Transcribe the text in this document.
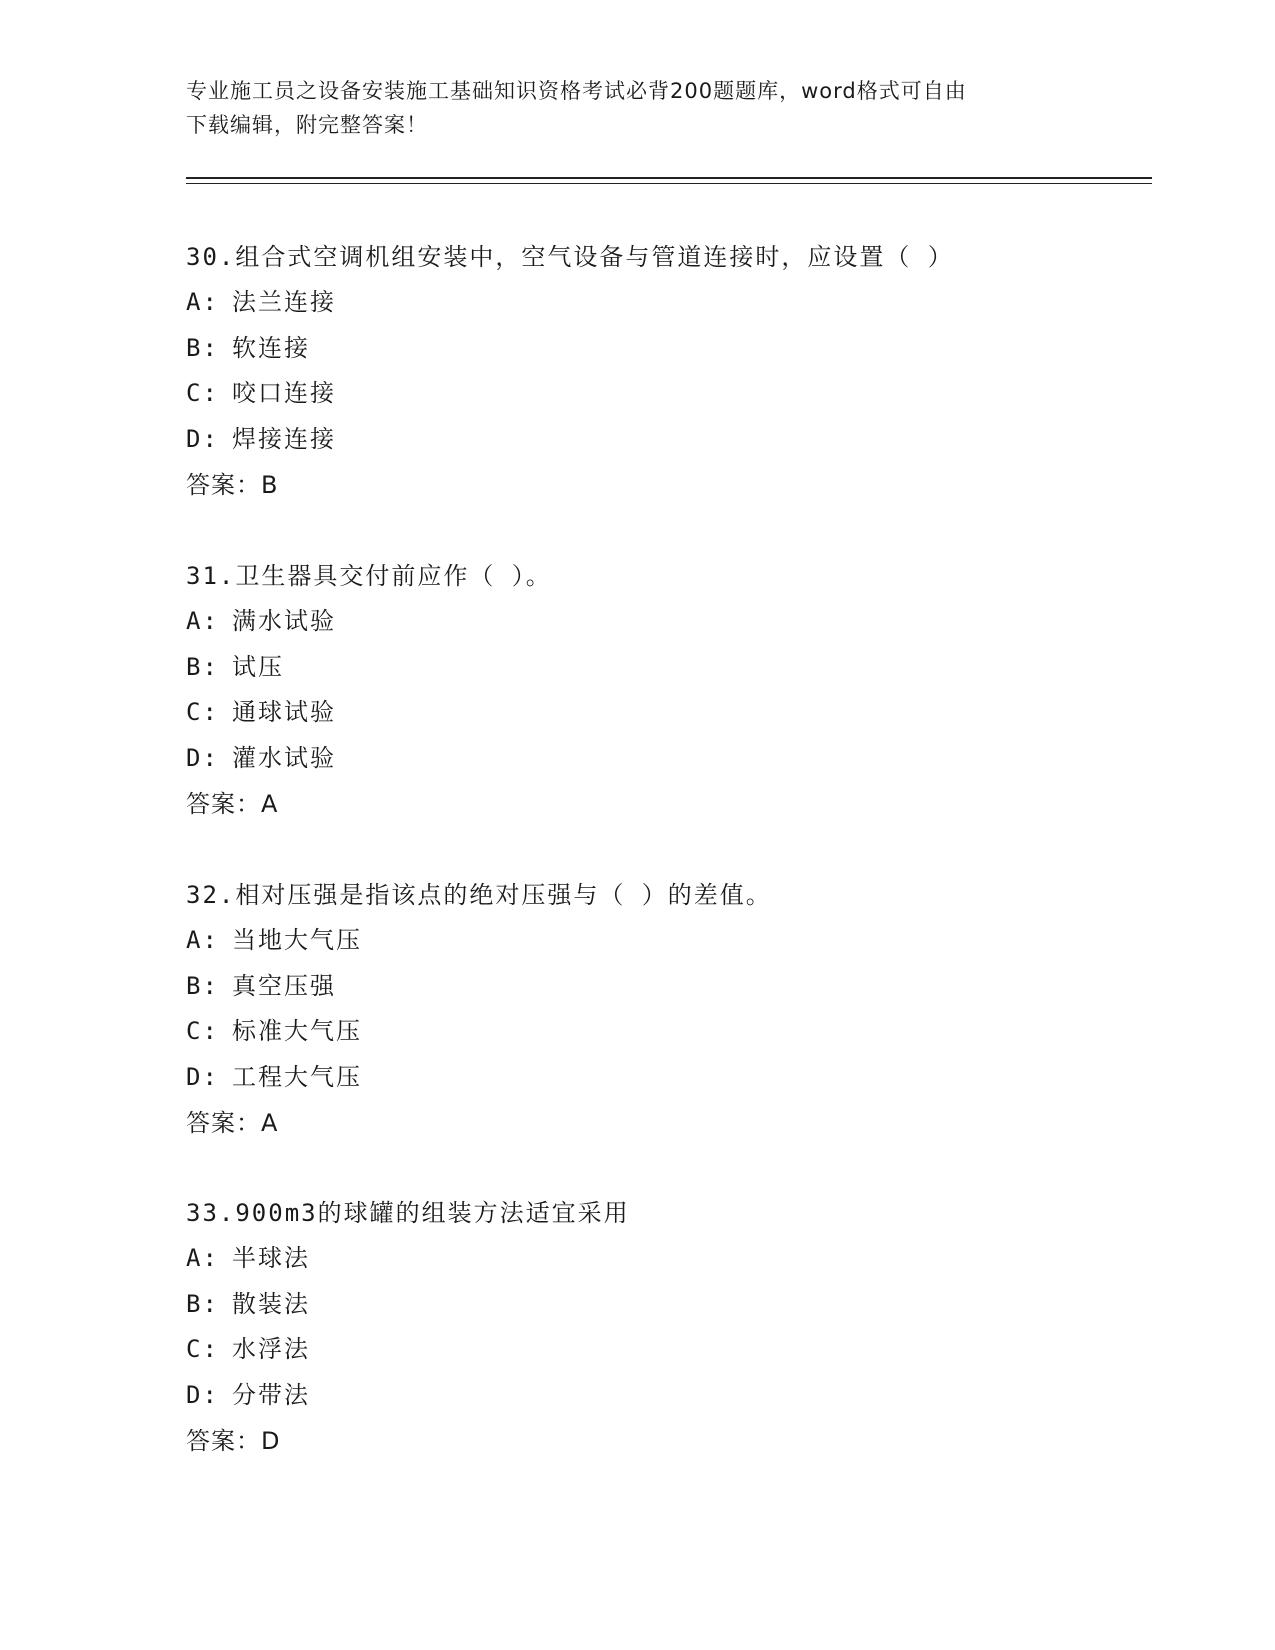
专业施工员之设备安装施工基础知识资格考试必背200题题库，word格式可自由
下载编辑，附完整答案！
30.组合式空调机组安装中，空气设备与管道连接时，应设置（ ）
A: 法兰连接
B: 软连接
C: 咬口连接
D: 焊接连接
答案：B
31.卫生器具交付前应作（ ）。
A: 满水试验
B: 试压
C: 通球试验
D: 灌水试验
答案：A
32.相对压强是指该点的绝对压强与（ ）的差值。
A: 当地大气压
B: 真空压强
C: 标准大气压
D: 工程大气压
答案：A
33.900m3的球罐的组装方法适宜采用
A: 半球法
B: 散装法
C: 水浮法
D: 分带法
答案：D
